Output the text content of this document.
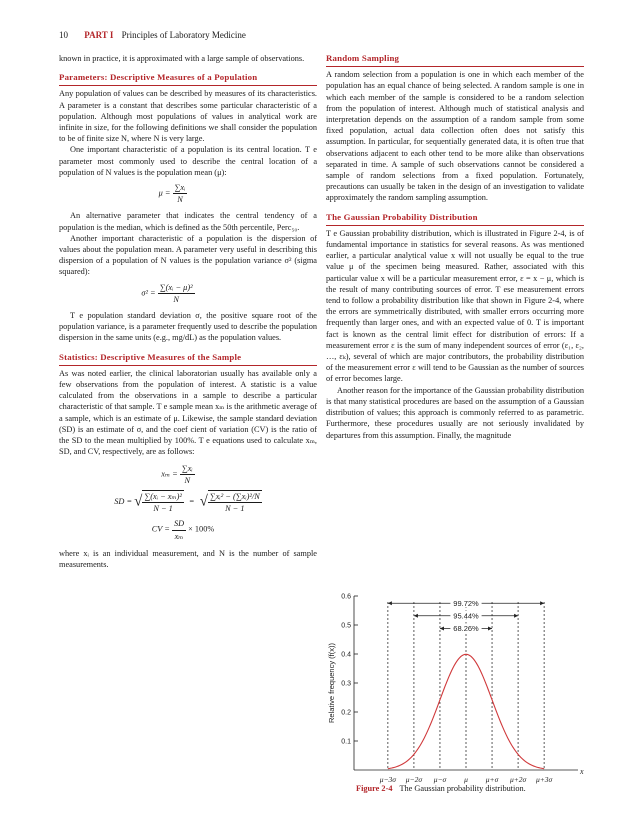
10 PART I Principles of Laboratory Medicine

known in practice, it is approximated with a large sample of observations.

Parameters: Descriptive Measures of a Population

Any population of values can be described by measures of its characteristics. A parameter is a constant that describes some particular characteristic of a population. Although most populations of values in analytical work are infinite in size, for the following definitions we shall consider the population to be of finite size N, where N is very large.

One important characteristic of a population is its central location. T e parameter most commonly used to describe the central location of a population of N values is the population mean (μ):

$\mu = \frac{\text{∑xᵢ}}{N}$

An alternative parameter that indicates the central tendency of a population is the median, which is defined as the 50th percentile, Perc₅₀.

Another important characteristic of a population is the dispersion of values about the population mean. A parameter very useful in describing this dispersion of a population of N values is the population variance σ² (sigma squared):

$\sigma^2 = \frac{\text{∑(xᵢ − μ)²}}{N}$

T e population standard deviation σ, the positive square root of the population variance, is a parameter frequently used to describe the population dispersion in the same units (e.g., mg/dL) as the population values.

Statistics: Descriptive Measures of the Sample

As was noted earlier, the clinical laboratorian usually has available only a few observations from the population of interest. A statistic is a value calculated from the observations in a sample to describe a particular characteristic of that sample. T e sample mean xₘ is the arithmetic average of a sample, which is an estimate of μ. Likewise, the sample standard deviation (SD) is an estimate of σ, and the coef cient of variation (CV) is the ratio of the SD to the mean multiplied by 100%. T e equations used to calculate xₘ, SD, and CV, respectively, are as follows:

$x_m = \frac{\text{∑xᵢ}}{N}$
SD = √ $\frac{\text{∑(xᵢ − xₘ)²}}{N - 1}$ = √ $\frac{\text{∑xᵢ² − (∑xᵢ)²/N}}{N - 1}$
CV = $\frac{SD}{\text{xₘ}} \times 100\%$

where xᵢ is an individual measurement, and N is the number of sample measurements.

Random Sampling

A random selection from a population is one in which each member of the population has an equal chance of being selected. A random sample is one in which each member of the sample is considered to be a random selection from the population of interest. Although much of statistical analysis and interpretation depends on the assumption of a random sample from some fixed population, actual data collection often does not satisfy this assumption. In particular, for sequentially generated data, it is often true that observations adjacent to each other tend to be more alike than observations separated in time. A sample of such observations cannot be considered a sample of random selections from a fixed population. Fortunately, precautions can usually be taken in the design of an investigation to validate approximately the random sampling assumption.

The Gaussian Probability Distribution

T e Gaussian probability distribution, which is illustrated in Figure 2-4, is of fundamental importance in statistics for several reasons. As was mentioned earlier, a particular analytical value x will not usually be equal to the true value μ of the specimen being measured. Rather, associated with this particular value x will be a particular measurement error, ε = x − μ, which is the result of many contributing sources of error. T ese measurement errors tend to follow a probability distribution like that shown in Figure 2-4, where the errors are symmetrically distributed, with smaller errors occurring more frequently than larger ones, and with an expected value of 0. T is important fact is known as the central limit effect for distribution of errors: If a measurement error ε is the sum of many independent sources of error (ε₁, ε₂, …, εₖ), several of which are major contributors, the probability distribution of the measurement error ε will tend to be Gaussian as the number of sources of error becomes large.

Another reason for the importance of the Gaussian probability distribution is that many statistical procedures are based on the assumption of a Gaussian distribution of values; this approach is commonly referred to as parametric. Furthermore, these procedures usually are not seriously invalidated by departures from this assumption. Finally, the magnitude

0.1
0.2
0.3
0.4
0.5
0.6
Relative frequency (f(x))
x
μ−3σ μ−2σ μ−σ μ μ+σ μ+2σ μ+3σ
99.72%
95.44%
68.26%
Figure 2-4 The Gaussian probability distribution.
